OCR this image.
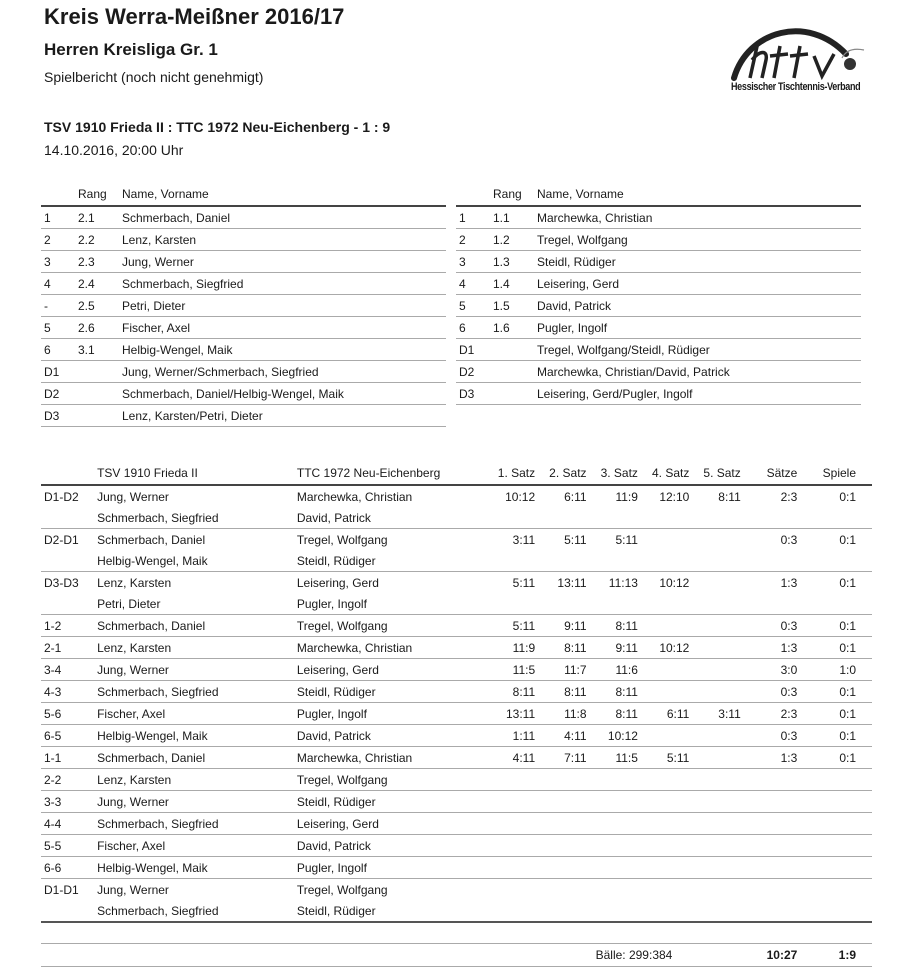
Kreis Werra-Meißner 2016/17
Herren Kreisliga Gr. 1
Spielbericht (noch nicht genehmigt)
TSV 1910 Frieda II : TTC 1972 Neu-Eichenberg - 1 : 9
14.10.2016, 20:00 Uhr
Hessischer Tischtennis-Verband
	Rang	Name, Vorname
1	2.1	Schmerbach, Daniel
2	2.2	Lenz, Karsten
3	2.3	Jung, Werner
4	2.4	Schmerbach, Siegfried
-	2.5	Petri, Dieter
5	2.6	Fischer, Axel
6	3.1	Helbig-Wengel, Maik
D1		Jung, Werner/Schmerbach, Siegfried
D2		Schmerbach, Daniel/Helbig-Wengel, Maik
D3		Lenz, Karsten/Petri, Dieter
	Rang	Name, Vorname
1	1.1	Marchewka, Christian
2	1.2	Tregel, Wolfgang
3	1.3	Steidl, Rüdiger
4	1.4	Leisering, Gerd
5	1.5	David, Patrick
6	1.6	Pugler, Ingolf
D1		Tregel, Wolfgang/Steidl, Rüdiger
D2		Marchewka, Christian/David, Patrick
D3		Leisering, Gerd/Pugler, Ingolf
	TSV 1910 Frieda II	TTC 1972 Neu-Eichenberg	1. Satz	2. Satz	3. Satz	4. Satz	5. Satz	Sätze	Spiele
D1-D2	Jung, Werner	Marchewka, Christian	10:12	6:11	11:9	12:10	8:11	2:3	0:1
	Schmerbach, Siegfried	David, Patrick							
D2-D1	Schmerbach, Daniel	Tregel, Wolfgang	3:11	5:11	5:11			0:3	0:1
	Helbig-Wengel, Maik	Steidl, Rüdiger							
D3-D3	Lenz, Karsten	Leisering, Gerd	5:11	13:11	11:13	10:12		1:3	0:1
	Petri, Dieter	Pugler, Ingolf							
1-2	Schmerbach, Daniel	Tregel, Wolfgang	5:11	9:11	8:11			0:3	0:1
2-1	Lenz, Karsten	Marchewka, Christian	11:9	8:11	9:11	10:12		1:3	0:1
3-4	Jung, Werner	Leisering, Gerd	11:5	11:7	11:6			3:0	1:0
4-3	Schmerbach, Siegfried	Steidl, Rüdiger	8:11	8:11	8:11			0:3	0:1
5-6	Fischer, Axel	Pugler, Ingolf	13:11	11:8	8:11	6:11	3:11	2:3	0:1
6-5	Helbig-Wengel, Maik	David, Patrick	1:11	4:11	10:12			0:3	0:1
1-1	Schmerbach, Daniel	Marchewka, Christian	4:11	7:11	11:5	5:11		1:3	0:1
2-2	Lenz, Karsten	Tregel, Wolfgang							
3-3	Jung, Werner	Steidl, Rüdiger							
4-4	Schmerbach, Siegfried	Leisering, Gerd							
5-5	Fischer, Axel	David, Patrick							
6-6	Helbig-Wengel, Maik	Pugler, Ingolf							
D1-D1	Jung, Werner	Tregel, Wolfgang							
	Schmerbach, Siegfried	Steidl, Rüdiger							

			Bälle: 299:384					10:27	1:9
